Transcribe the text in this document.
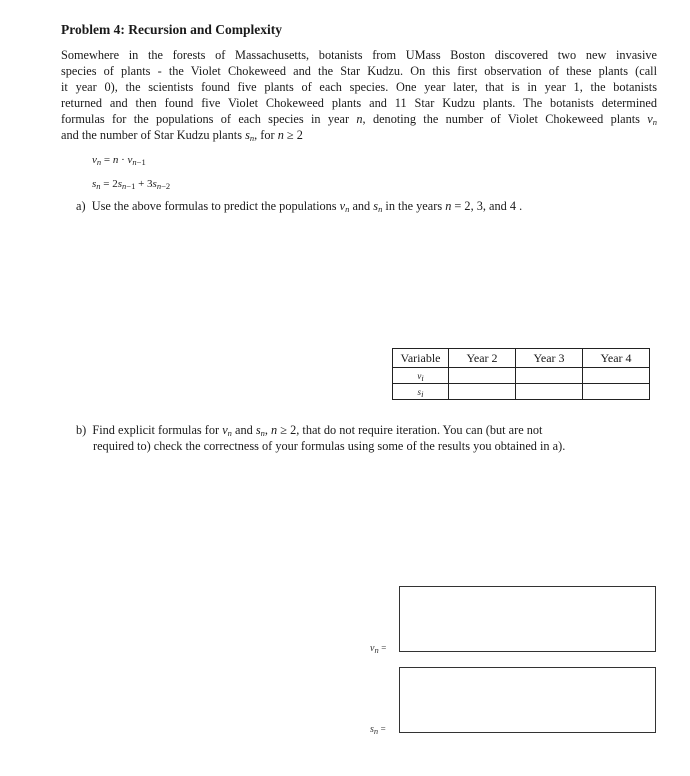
Problem 4: Recursion and Complexity
Somewhere in the forests of Massachusetts, botanists from UMass Boston discovered two new invasive
species of plants - the Violet Chokeweed and the Star Kudzu. On this first observation of these plants (call
it year 0), the scientists found five plants of each species. One year later, that is in year 1, the botanists
returned and then found five Violet Chokeweed plants and 11 Star Kudzu plants. The botanists determined
formulas for the populations of each species in year n, denoting the number of Violet Chokeweed plants $v_n$
and the number of Star Kudzu plants $s_n$, for n ≥ 2
$v_n = n \cdot v_{n-1}$
$s_n = 2s_{n-1} + 3s_{n-2}$
a) Use the above formulas to predict the populations $v_n$ and $s_n$ in the years n = 2, 3, and 4 .
Variable	Year 2	Year 3	Year 4
$v_i$			
$s_i$			
b) Find explicit formulas for $v_n$ and $s_n$, n ≥ 2, that do not require iteration. You can (but are not
required to) check the correctness of your formulas using some of the results you obtained in a).
$v_n$ =
$s_n$ =
